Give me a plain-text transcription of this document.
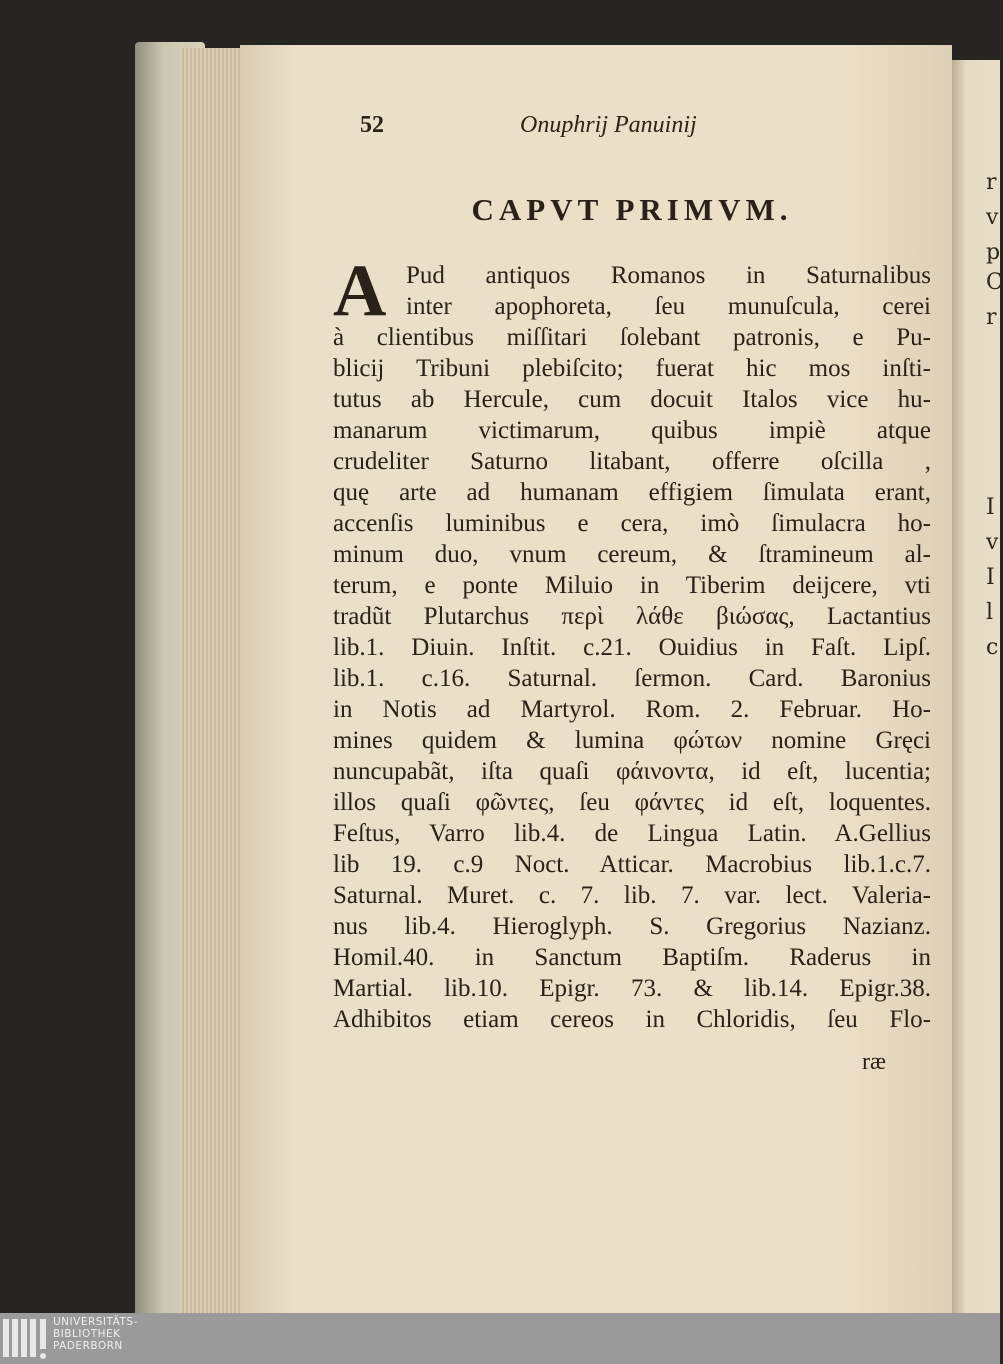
r
v
p
C
r
I
v
I
l
c
52	Onuphrij Panuinij
CAPVT PRIMVM.
A Pud antiquos Romanos in Saturnalibus
inter apophoreta, ſeu munuſcula, cerei
à clientibus miſſitari ſolebant patronis, e Pu-
blicij Tribuni plebiſcito; fuerat hic mos inſti-
tutus ab Hercule, cum docuit Italos vice hu-
manarum victimarum, quibus impiè atque
crudeliter Saturno litabant, offerre oſcilla ,
quę arte ad humanam effigiem ſimulata erant,
accenſis luminibus e cera, imò ſimulacra ho-
minum duo, vnum cereum, & ſtramineum al-
terum, e ponte Miluio in Tiberim deijcere, vti
tradũt Plutarchus περὶ λάθε βιώσας, Lactantius
lib.1. Diuin. Inſtit. c.21. Ouidius in Faſt. Lipſ.
lib.1. c.16. Saturnal. ſermon. Card. Baronius
in Notis ad Martyrol. Rom. 2. Februar. Ho-
mines quidem & lumina φώτων nomine Gręci
nuncupabãt, iſta quaſi φάινοντα, id eſt, lucentia;
illos quaſi φῶντες, ſeu φάντες id eſt, loquentes.
Feſtus, Varro lib.4. de Lingua Latin. A.Gellius
lib 19. c.9 Noct. Atticar. Macrobius lib.1.c.7.
Saturnal. Muret. c. 7. lib. 7. var. lect. Valeria-
nus lib.4. Hieroglyph. S. Gregorius Nazianz.
Homil.40. in Sanctum Baptiſm. Raderus in
Martial. lib.10. Epigr. 73. & lib.14. Epigr.38.
Adhibitos etiam cereos in Chloridis, ſeu Flo-
ræ
UNIVERSITÄTS-
BIBLIOTHEK
PADERBORN
